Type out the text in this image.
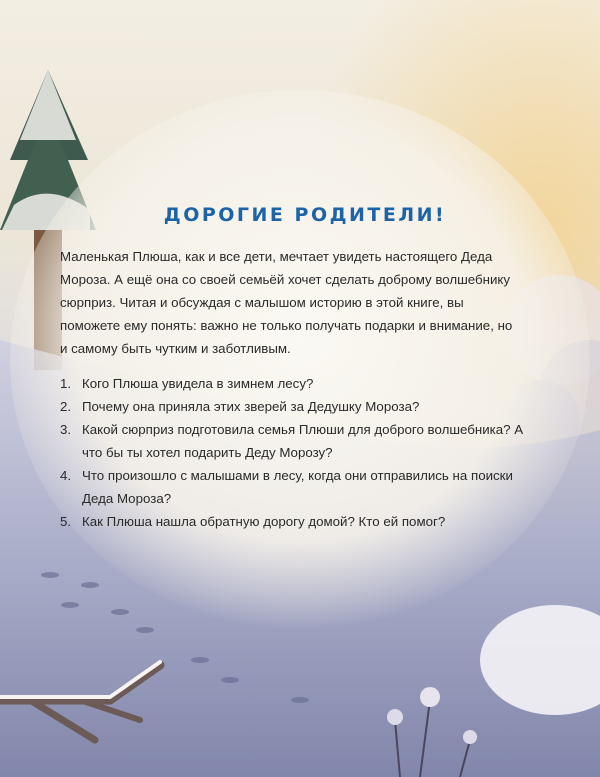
ДОРОГИЕ РОДИТЕЛИ!
Маленькая Плюша, как и все дети, мечтает увидеть настоящего Деда Мороза. А ещё она со своей семьёй хочет сделать доброму волшебнику сюрприз. Читая и обсуждая с малышом историю в этой книге, вы поможете ему понять: важно не только получать подарки и внимание, но и самому быть чутким и заботливым.
1. Кого Плюша увидела в зимнем лесу?
2. Почему она приняла этих зверей за Дедушку Мороза?
3. Какой сюрприз подготовила семья Плюши для доброго волшебника? А что бы ты хотел подарить Деду Морозу?
4. Что произошло с малышами в лесу, когда они отправились на поиски Деда Мороза?
5. Как Плюша нашла обратную дорогу домой? Кто ей помог?
